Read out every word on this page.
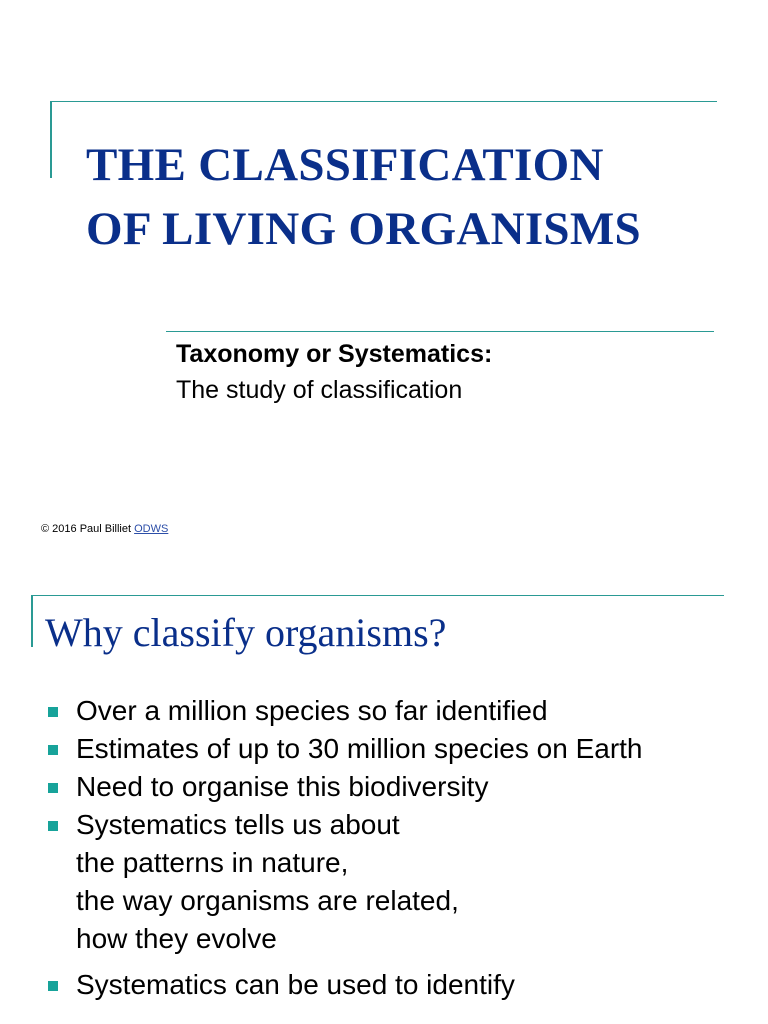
THE CLASSIFICATION
OF LIVING ORGANISMS
Taxonomy or Systematics:
The study of classification
© 2016 Paul Billiet ODWS
Why classify organisms?
Over a million species so far identified
Estimates of up to 30 million species on Earth
Need to organise this biodiversity
Systematics tells us about
the patterns in nature,
the way organisms are related,
how they evolve
Systematics can be used to identify
